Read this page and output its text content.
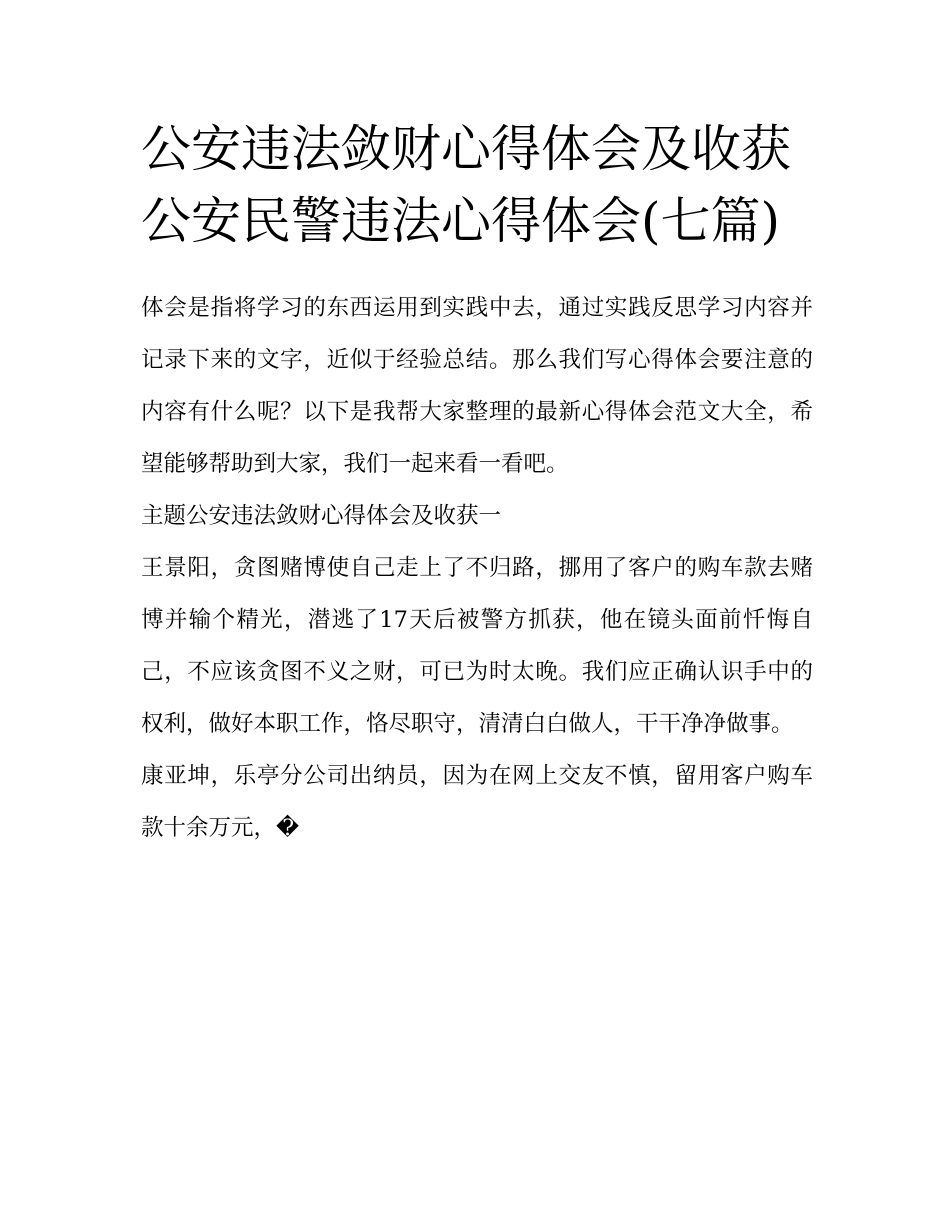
公安违法敛财心得体会及收获
公安民警违法心得体会(七篇)

体会是指将学习的东西运用到实践中去，通过实践反思学习内容并记录下来的文字，近似于经验总结。那么我们写心得体会要注意的内容有什么呢？以下是我帮大家整理的最新心得体会范文大全，希望能够帮助到大家，我们一起来看一看吧。

主题公安违法敛财心得体会及收获一

王景阳，贪图赌博使自己走上了不归路，挪用了客户的购车款去赌博并输个精光，潜逃了17天后被警方抓获，他在镜头面前忏悔自己，不应该贪图不义之财，可已为时太晚。我们应正确认识手中的权利，做好本职工作，恪尽职守，清清白白做人，干干净净做事。

康亚坤，乐亭分公司出纳员，因为在网上交友不慎，留用客户购车款十余万元，�
